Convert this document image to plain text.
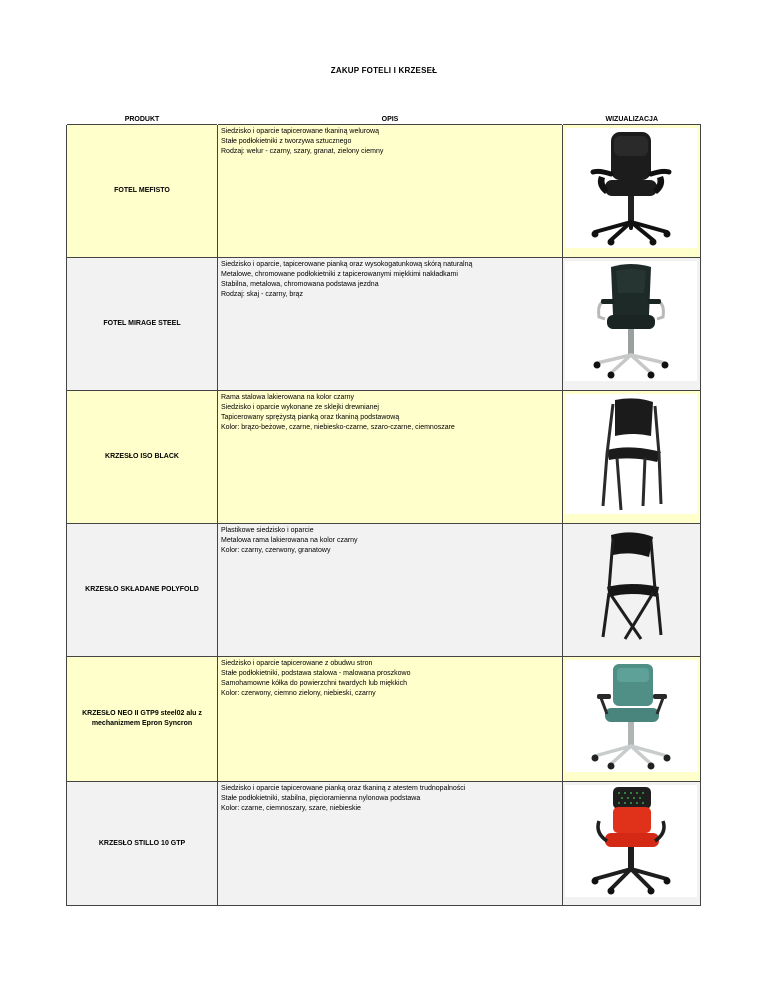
ZAKUP FOTELI I KRZESEŁ
PRODUKT	OPIS	WIZUALIZACJA
FOTEL MEFISTO	Siedzisko i oparcie tapicerowane tkaniną welurową
Stałe podłokietniki z tworzywa sztucznego
Rodzaj: welur - czarny, szary, granat, zielony ciemny

FOTEL MIRAGE STEEL	Siedzisko i oparcie, tapicerowane pianką oraz wysokogatunkową skórą naturalną
Metalowe, chromowane podłokietniki z tapicerowanymi miękkimi nakładkami
Stabilna, metalowa, chromowana podstawa jezdna
Rodzaj: skaj - czarny, brąz

KRZESŁO ISO BLACK	Rama stalowa lakierowana na kolor czarny
Siedzisko i oparcie wykonane ze sklejki drewnianej
Tapicerowany sprężystą pianką oraz tkaniną podstawową
Kolor: brązo-beżowe, czarne, niebiesko-czarne, szaro-czarne, ciemnoszare

KRZESŁO SKŁADANE POLYFOLD	Plastikowe siedzisko i oparcie
Metalowa rama lakierowana na kolor czarny
Kolor: czarny, czerwony, granatowy

KRZESŁO NEO II GTP9 steel02 alu z mechanizmem Epron Syncron	Siedzisko i oparcie tapicerowane z obudwu stron
Stałe podłokietniki, podstawa stalowa - malowana proszkowo
Samohamowne kółka do powierzchni twardych lub miękkich
Kolor: czerwony, ciemno zielony, niebieski, czarny

KRZESŁO STILLO 10 GTP	Siedzisko i oparcie tapicerowane pianką oraz tkaniną z atestem trudnopalności
Stałe podłokietniki, stabilna, pięcioramienna nylonowa podstawa
Kolor: czarne, ciemnoszary, szare, niebieskie
